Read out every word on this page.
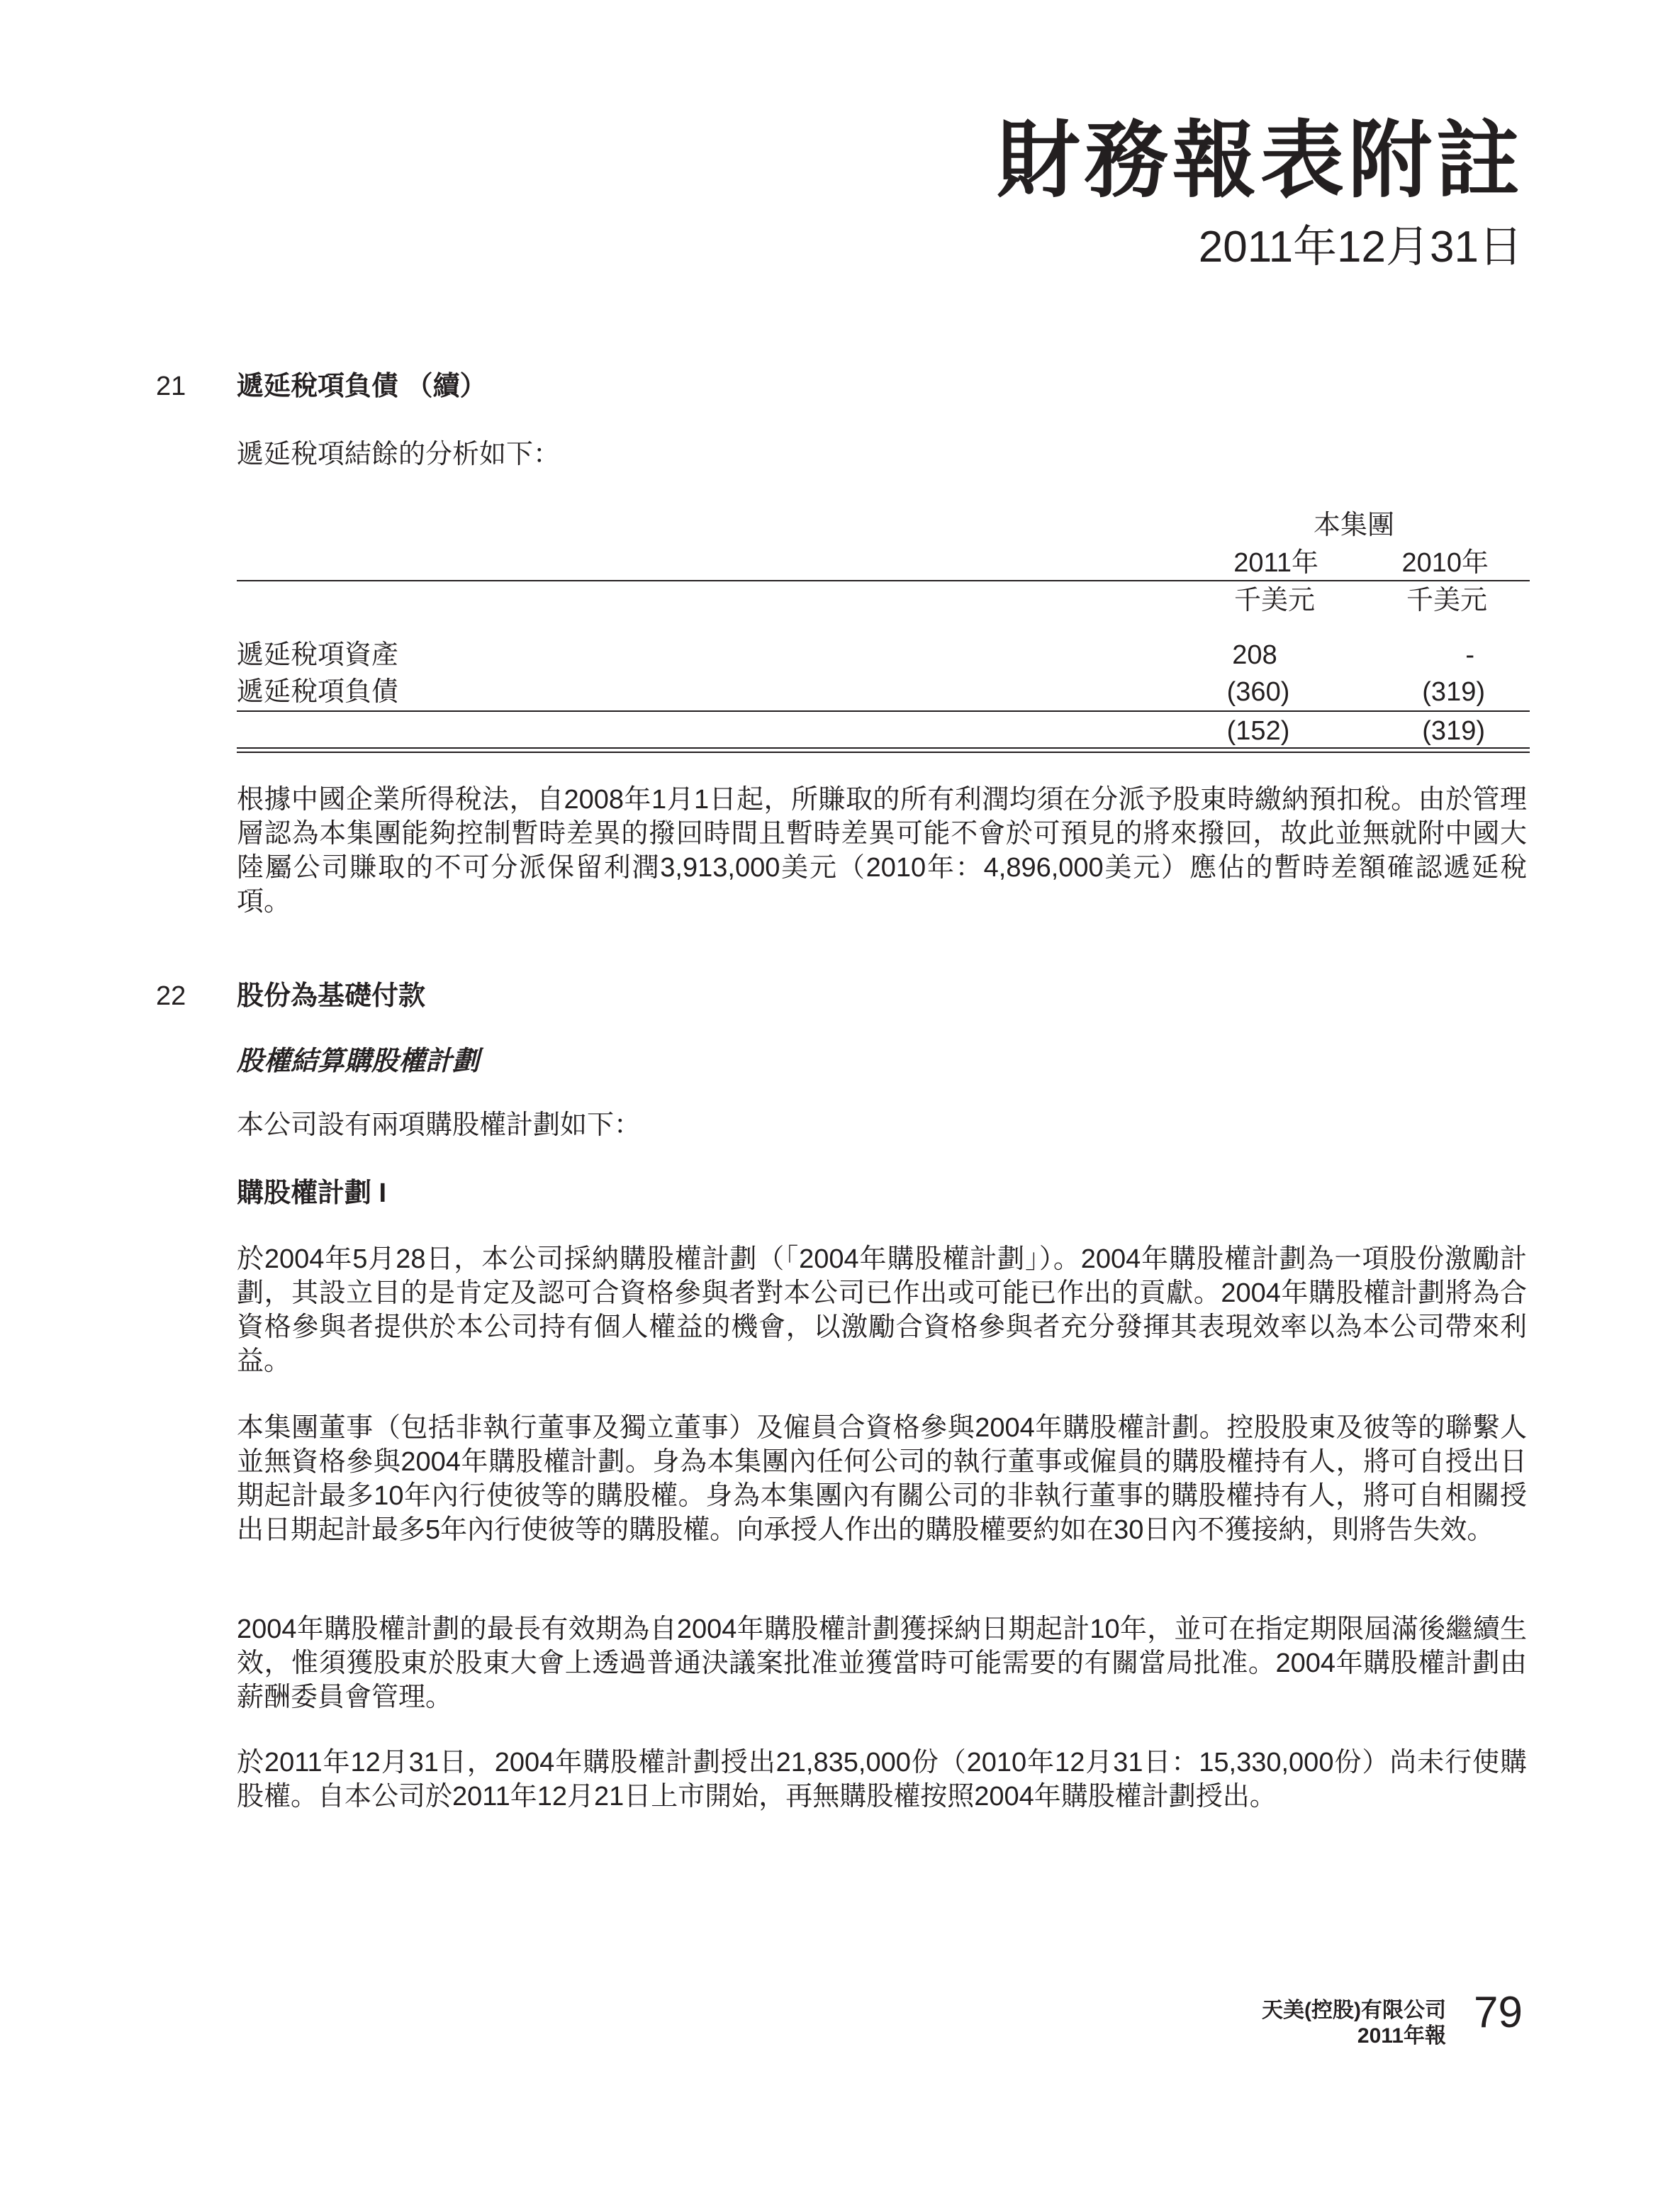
財務報表附註
2011年12月31日
21 遞延稅項負債 （續）
遞延稅項結餘的分析如下：
本集團
2011年	2010年
千美元	千美元
遞延稅項資產	208	-
遞延稅項負債	(360)	(319)
(152)	(319)
根據中國企業所得稅法，自2008年1月1日起，所賺取的所有利潤均須在分派予股東時繳納預扣稅。由於管理層認為本集團能夠控制暫時差異的撥回時間且暫時差異可能不會於可預見的將來撥回，故此並無就附中國大陸屬公司賺取的不可分派保留利潤3,913,000美元（2010年：4,896,000美元）應佔的暫時差額確認遞延稅項。
22 股份為基礎付款
股權結算購股權計劃
本公司設有兩項購股權計劃如下：
購股權計劃 I
於2004年5月28日，本公司採納購股權計劃（「2004年購股權計劃」）。2004年購股權計劃為一項股份激勵計劃，其設立目的是肯定及認可合資格參與者對本公司已作出或可能已作出的貢獻。2004年購股權計劃將為合資格參與者提供於本公司持有個人權益的機會，以激勵合資格參與者充分發揮其表現效率以為本公司帶來利益。
本集團董事（包括非執行董事及獨立董事）及僱員合資格參與2004年購股權計劃。控股股東及彼等的聯繫人並無資格參與2004年購股權計劃。身為本集團內任何公司的執行董事或僱員的購股權持有人，將可自授出日期起計最多10年內行使彼等的購股權。身為本集團內有關公司的非執行董事的購股權持有人，將可自相關授出日期起計最多5年內行使彼等的購股權。向承授人作出的購股權要約如在30日內不獲接納，則將告失效。
2004年購股權計劃的最長有效期為自2004年購股權計劃獲採納日期起計10年，並可在指定期限屆滿後繼續生效，惟須獲股東於股東大會上透過普通決議案批准並獲當時可能需要的有關當局批准。2004年購股權計劃由薪酬委員會管理。
於2011年12月31日，2004年購股權計劃授出21,835,000份（2010年12月31日：15,330,000份）尚未行使購股權。自本公司於2011年12月21日上市開始，再無購股權按照2004年購股權計劃授出。
天美(控股)有限公司
2011年報 79
